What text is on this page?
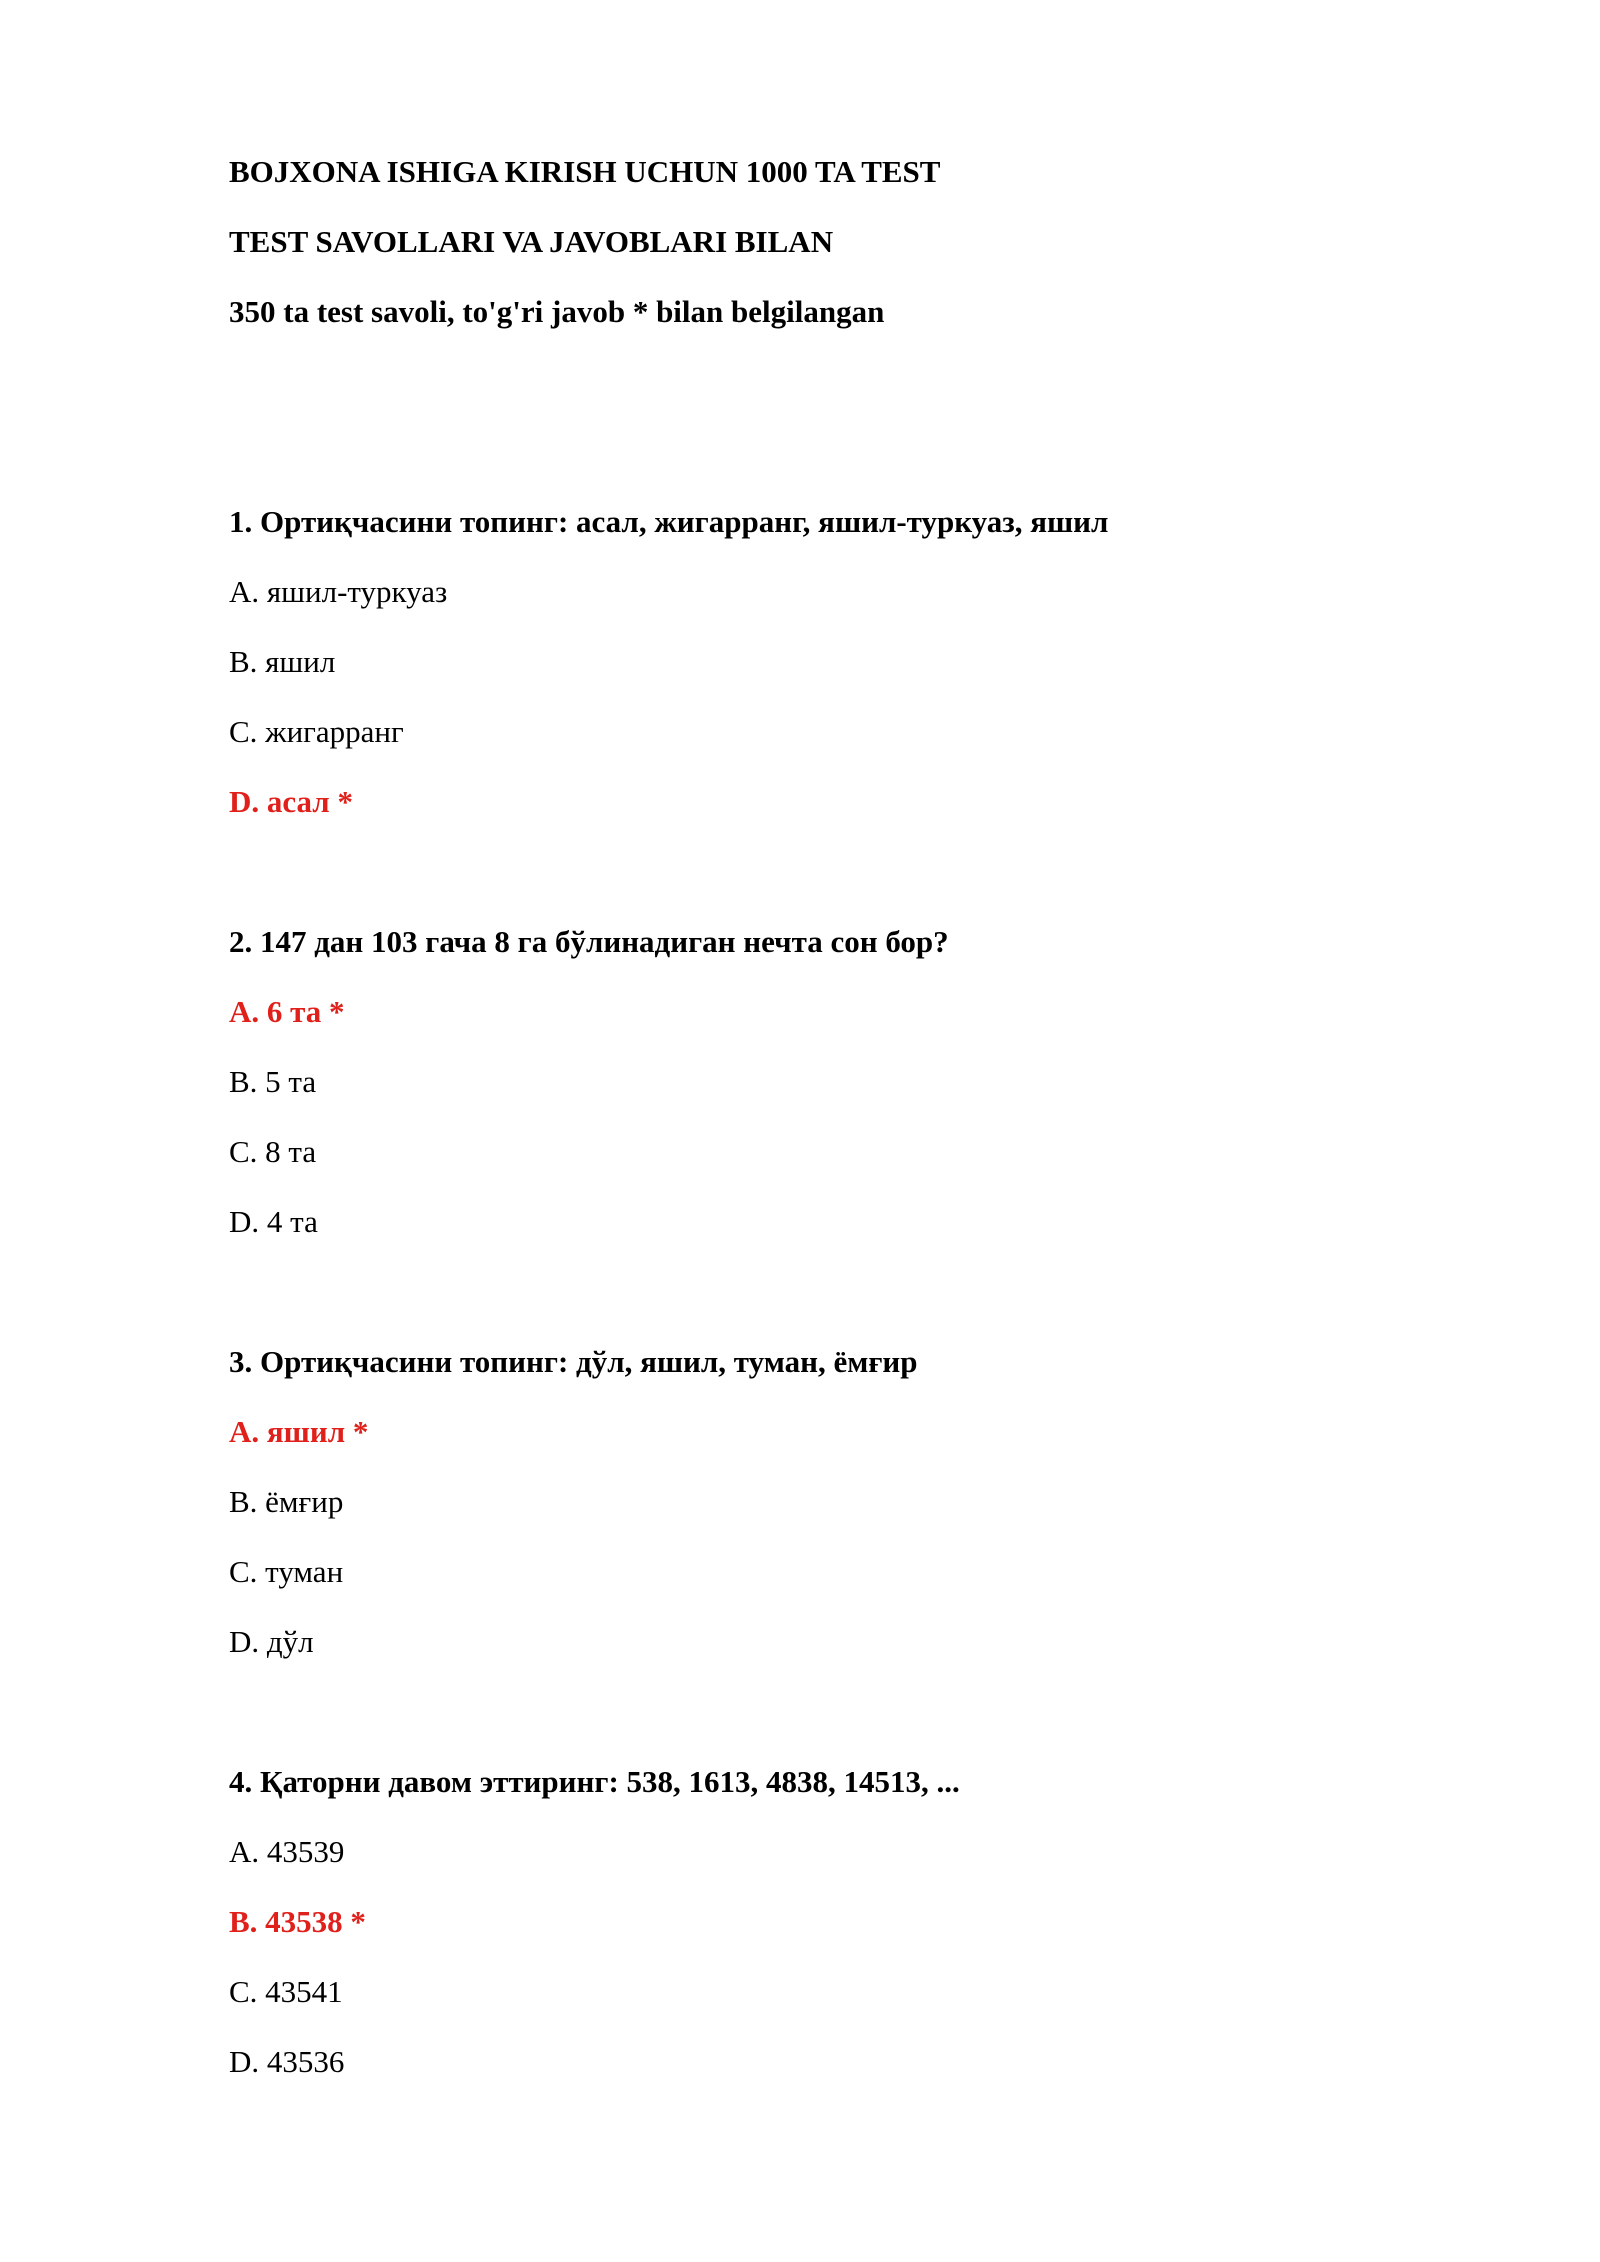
BOJXONA ISHIGA KIRISH UCHUN 1000 TA TEST

TEST SAVOLLARI VA JAVOBLARI BILAN

350 ta test savoli, to'g'ri javob * bilan belgilangan

1. Ортиқчасини топинг: асал, жигарранг, яшил-туркуаз, яшил

A. яшил-туркуаз

B. яшил

C. жигарранг

D. асал *

2. 147 дан 103 гача 8 га бўлинадиган нечта сон бор?

A. 6 та *

B. 5 та

C. 8 та

D. 4 та

3. Ортиқчасини топинг: дўл, яшил, туман, ёмғир

A. яшил *

B. ёмғир

C. туман

D. дўл

4. Қаторни давом эттиринг: 538, 1613, 4838, 14513, ...

A. 43539

B. 43538 *

C. 43541

D. 43536
